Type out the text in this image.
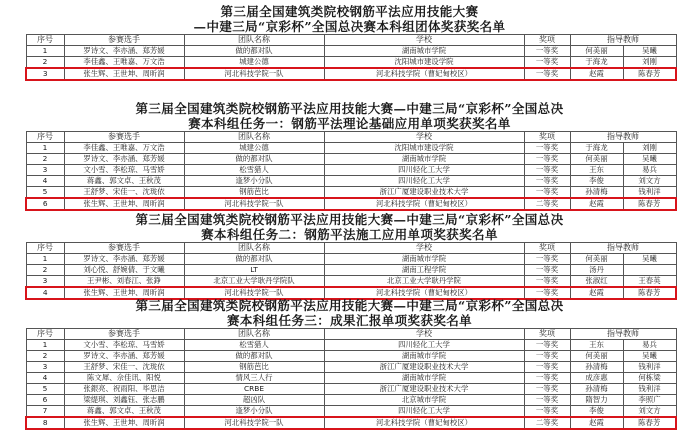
第三届全国建筑类院校钢筋平法应用技能大赛
—中建三局“京彩杯”全国总决赛本科组团体奖获奖名单
序号	参赛选手	团队名称	学校	奖项	指导教师	
1	罗诗文、李亦涵、郑芳媛	做的都对队	湖南城市学院	一等奖	何美丽	吴曦
2	李佳鑫、王唯嘉、万文浩	城建公德	沈阳城市建设学院	一等奖	于海龙	刘刚
3	张生辉、王世坤、周昕润	河北科技学院一队	河北科技学院（曹妃甸校区）	一等奖	赵霞	陈春芳
第三届全国建筑类院校钢筋平法应用技能大赛—中建三局“京彩杯”全国总决
赛本科组任务一：钢筋平法理论基础应用单项奖获奖名单
序号	参赛选手	团队名称	学校	奖项	指导教师	
1	李佳鑫、王唯嘉、万文浩	城建公德	沈阳城市建设学院	一等奖	于海龙	刘刚
2	罗诗文、李亦涵、郑芳媛	做的都对队	湖南城市学院	一等奖	何美丽	吴曦
3	文小雪、李松琼、马雪娇	松雪猎人	四川轻化工大学	一等奖	王东	易兵
4	蒋鑫、郭文卓、王秋茂	逢梦小分队	四川轻化工大学	一等奖	李俊	刘文方
5	王舒梦、宋佳一、沈珑依	钢筋芭比	浙江广厦建设职业技术大学	一等奖	孙清梅	钱利洋
6	张生辉、王世坤、周昕润	河北科技学院一队	河北科技学院（曹妃甸校区）	二等奖	赵霞	陈春芳
第三届全国建筑类院校钢筋平法应用技能大赛—中建三局“京彩杯”全国总决
赛本科组任务二：钢筋平法施工应用单项奖获奖名单
序号	参赛选手	团队名称	学校	奖项	指导教师	
1	罗诗文、李亦涵、郑芳媛	做的都对队	湖南城市学院	一等奖	何美丽	吴曦
2	刘心悦、舒婉倩、于文曦	LT	湖南工程学院	一等奖	汤丹	
3	王尹彬、刘春江、张錚	北京工业大学耿丹学院队	北京工业大学耿丹学院	一等奖	张淑红	王春英
4	张生辉、王世坤、周昕润	河北科技学院一队	河北科技学院（曹妃甸校区）	一等奖	赵霞	陈春芳
第三届全国建筑类院校钢筋平法应用技能大赛—中建三局“京彩杯”全国总决
赛本科组任务三：成果汇报单项奖获奖名单
序号	参赛选手	团队名称	学校	奖项	指导教师	
1	文小雪、李松琼、马雪娇	松雪猎人	四川轻化工大学	一等奖	王东	易兵
2	罗诗文、李亦涵、郑芳媛	做的都对队	湖南城市学院	一等奖	何美丽	吴曦
3	王舒梦、宋佳一、沈珑依	钢筋芭比	浙江广厦建设职业技术大学	一等奖	孙清梅	钱利洋
4	陈文犀、佘佳讯、阳悦	情风三人行	湖南城市学院	一等奖	成彦惠	何栋梁
5	张銀亮、祝雨阳、毕思洁	CRBE	浙江广厦建设职业技术大学	一等奖	孙清梅	钱利洋
6	梁缇琪、刘鑫钰、张志鹏	超凶队	北京城市学院	一等奖	隋智力	李照广
7	蒋鑫、郭文卓、王秋茂	逢梦小分队	四川轻化工大学	一等奖	李俊	刘文方
8	张生辉、王世坤、周昕润	河北科技学院一队	河北科技学院（曹妃甸校区）	二等奖	赵霞	陈春芳
